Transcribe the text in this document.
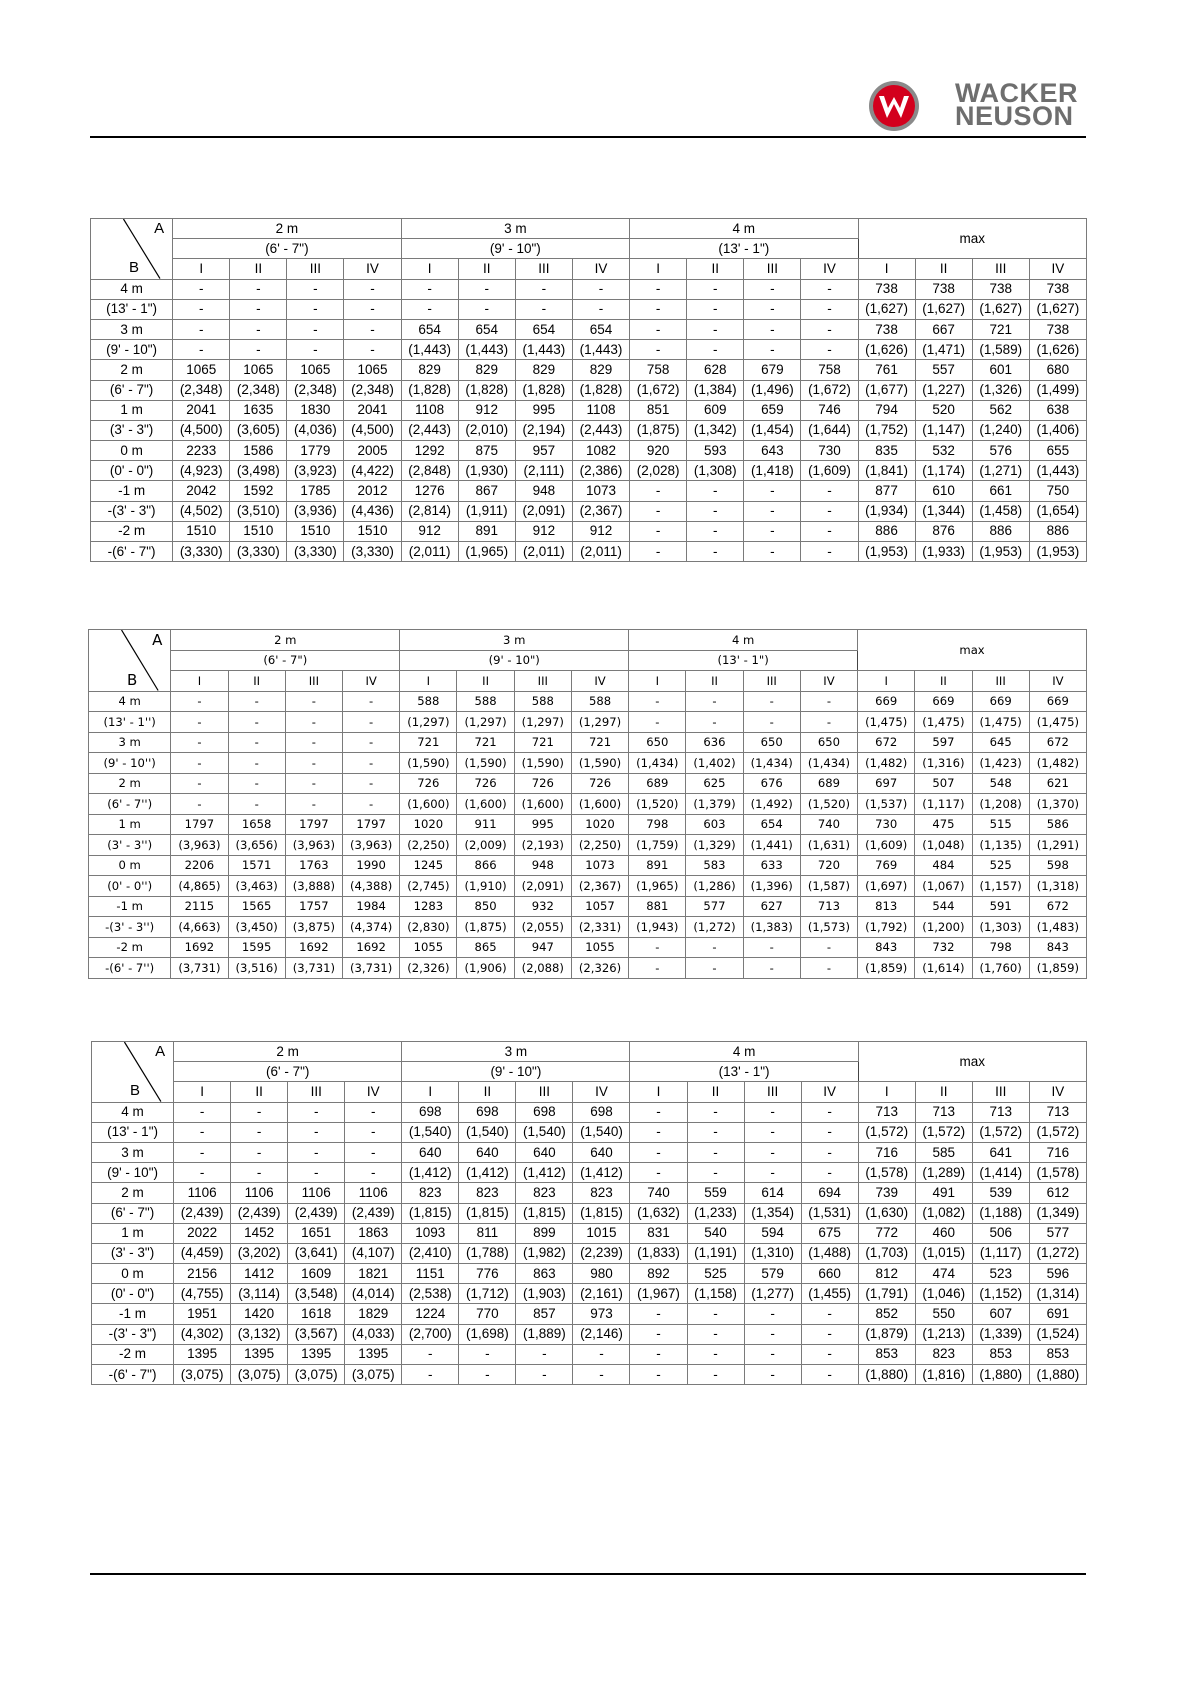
WACKER
NEUSON
A
B	2 m				3 m				4 m				max			
	(6' - 7")				(9' - 10")				(13' - 1")							
	I	II	III	IV	I	II	III	IV	I	II	III	IV	I	II	III	IV
4 m	-	-	-	-	-	-	-	-	-	-	-	-	738	738	738	738
(13' - 1")	-	-	-	-	-	-	-	-	-	-	-	-	(1,627)	(1,627)	(1,627)	(1,627)
3 m	-	-	-	-	654	654	654	654	-	-	-	-	738	667	721	738
(9' - 10")	-	-	-	-	(1,443)	(1,443)	(1,443)	(1,443)	-	-	-	-	(1,626)	(1,471)	(1,589)	(1,626)
2 m	1065	1065	1065	1065	829	829	829	829	758	628	679	758	761	557	601	680
(6' - 7")	(2,348)	(2,348)	(2,348)	(2,348)	(1,828)	(1,828)	(1,828)	(1,828)	(1,672)	(1,384)	(1,496)	(1,672)	(1,677)	(1,227)	(1,326)	(1,499)
1 m	2041	1635	1830	2041	1108	912	995	1108	851	609	659	746	794	520	562	638
(3' - 3")	(4,500)	(3,605)	(4,036)	(4,500)	(2,443)	(2,010)	(2,194)	(2,443)	(1,875)	(1,342)	(1,454)	(1,644)	(1,752)	(1,147)	(1,240)	(1,406)
0 m	2233	1586	1779	2005	1292	875	957	1082	920	593	643	730	835	532	576	655
(0' - 0")	(4,923)	(3,498)	(3,923)	(4,422)	(2,848)	(1,930)	(2,111)	(2,386)	(2,028)	(1,308)	(1,418)	(1,609)	(1,841)	(1,174)	(1,271)	(1,443)
-1 m	2042	1592	1785	2012	1276	867	948	1073	-	-	-	-	877	610	661	750
-(3' - 3")	(4,502)	(3,510)	(3,936)	(4,436)	(2,814)	(1,911)	(2,091)	(2,367)	-	-	-	-	(1,934)	(1,344)	(1,458)	(1,654)
-2 m	1510	1510	1510	1510	912	891	912	912	-	-	-	-	886	876	886	886
-(6' - 7")	(3,330)	(3,330)	(3,330)	(3,330)	(2,011)	(1,965)	(2,011)	(2,011)	-	-	-	-	(1,953)	(1,933)	(1,953)	(1,953)
A
B	2 m				3 m				4 m				max			
	(6' - 7")				(9' - 10")				(13' - 1")							
	I	II	III	IV	I	II	III	IV	I	II	III	IV	I	II	III	IV
4 m	-	-	-	-	588	588	588	588	-	-	-	-	669	669	669	669
(13' - 1'')	-	-	-	-	(1,297)	(1,297)	(1,297)	(1,297)	-	-	-	-	(1,475)	(1,475)	(1,475)	(1,475)
3 m	-	-	-	-	721	721	721	721	650	636	650	650	672	597	645	672
(9' - 10'')	-	-	-	-	(1,590)	(1,590)	(1,590)	(1,590)	(1,434)	(1,402)	(1,434)	(1,434)	(1,482)	(1,316)	(1,423)	(1,482)
2 m	-	-	-	-	726	726	726	726	689	625	676	689	697	507	548	621
(6' - 7'')	-	-	-	-	(1,600)	(1,600)	(1,600)	(1,600)	(1,520)	(1,379)	(1,492)	(1,520)	(1,537)	(1,117)	(1,208)	(1,370)
1 m	1797	1658	1797	1797	1020	911	995	1020	798	603	654	740	730	475	515	586
(3' - 3'')	(3,963)	(3,656)	(3,963)	(3,963)	(2,250)	(2,009)	(2,193)	(2,250)	(1,759)	(1,329)	(1,441)	(1,631)	(1,609)	(1,048)	(1,135)	(1,291)
0 m	2206	1571	1763	1990	1245	866	948	1073	891	583	633	720	769	484	525	598
(0' - 0'')	(4,865)	(3,463)	(3,888)	(4,388)	(2,745)	(1,910)	(2,091)	(2,367)	(1,965)	(1,286)	(1,396)	(1,587)	(1,697)	(1,067)	(1,157)	(1,318)
-1 m	2115	1565	1757	1984	1283	850	932	1057	881	577	627	713	813	544	591	672
-(3' - 3'')	(4,663)	(3,450)	(3,875)	(4,374)	(2,830)	(1,875)	(2,055)	(2,331)	(1,943)	(1,272)	(1,383)	(1,573)	(1,792)	(1,200)	(1,303)	(1,483)
-2 m	1692	1595	1692	1692	1055	865	947	1055	-	-	-	-	843	732	798	843
-(6' - 7'')	(3,731)	(3,516)	(3,731)	(3,731)	(2,326)	(1,906)	(2,088)	(2,326)	-	-	-	-	(1,859)	(1,614)	(1,760)	(1,859)
A
B	2 m				3 m				4 m				max			
	(6' - 7")				(9' - 10")				(13' - 1")							
	I	II	III	IV	I	II	III	IV	I	II	III	IV	I	II	III	IV
4 m	-	-	-	-	698	698	698	698	-	-	-	-	713	713	713	713
(13' - 1")	-	-	-	-	(1,540)	(1,540)	(1,540)	(1,540)	-	-	-	-	(1,572)	(1,572)	(1,572)	(1,572)
3 m	-	-	-	-	640	640	640	640	-	-	-	-	716	585	641	716
(9' - 10")	-	-	-	-	(1,412)	(1,412)	(1,412)	(1,412)	-	-	-	-	(1,578)	(1,289)	(1,414)	(1,578)
2 m	1106	1106	1106	1106	823	823	823	823	740	559	614	694	739	491	539	612
(6' - 7")	(2,439)	(2,439)	(2,439)	(2,439)	(1,815)	(1,815)	(1,815)	(1,815)	(1,632)	(1,233)	(1,354)	(1,531)	(1,630)	(1,082)	(1,188)	(1,349)
1 m	2022	1452	1651	1863	1093	811	899	1015	831	540	594	675	772	460	506	577
(3' - 3")	(4,459)	(3,202)	(3,641)	(4,107)	(2,410)	(1,788)	(1,982)	(2,239)	(1,833)	(1,191)	(1,310)	(1,488)	(1,703)	(1,015)	(1,117)	(1,272)
0 m	2156	1412	1609	1821	1151	776	863	980	892	525	579	660	812	474	523	596
(0' - 0")	(4,755)	(3,114)	(3,548)	(4,014)	(2,538)	(1,712)	(1,903)	(2,161)	(1,967)	(1,158)	(1,277)	(1,455)	(1,791)	(1,046)	(1,152)	(1,314)
-1 m	1951	1420	1618	1829	1224	770	857	973	-	-	-	-	852	550	607	691
-(3' - 3")	(4,302)	(3,132)	(3,567)	(4,033)	(2,700)	(1,698)	(1,889)	(2,146)	-	-	-	-	(1,879)	(1,213)	(1,339)	(1,524)
-2 m	1395	1395	1395	1395	-	-	-	-	-	-	-	-	853	823	853	853
-(6' - 7")	(3,075)	(3,075)	(3,075)	(3,075)	-	-	-	-	-	-	-	-	(1,880)	(1,816)	(1,880)	(1,880)
